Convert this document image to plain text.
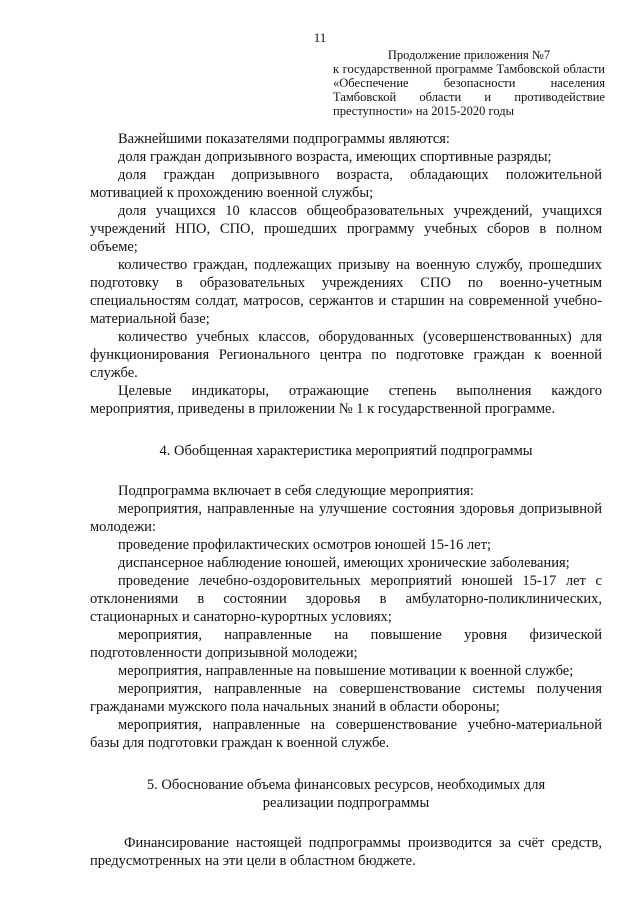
11
Продолжение приложения №7
к государственной программе Тамбовской области «Обеспечение безопасности населения Тамбовской области и противодействие преступности» на 2015-2020 годы

Важнейшими показателями подпрограммы являются:

доля граждан допризывного возраста, имеющих спортивные разряды;

доля граждан допризывного возраста, обладающих положительной мотивацией к прохождению военной службы;

доля учащихся 10 классов общеобразовательных учреждений, учащихся учреждений НПО, СПО, прошедших программу учебных сборов в полном объеме;

количество граждан, подлежащих призыву на военную службу, прошедших подготовку в образовательных учреждениях СПО по военно-учетным специальностям солдат, матросов, сержантов и старшин на современной учебно-материальной базе;

количество учебных классов, оборудованных (усовершенствованных) для функционирования Регионального центра по подготовке граждан к военной службе.

Целевые индикаторы, отражающие степень выполнения каждого мероприятия, приведены в приложении № 1 к государственной программе.

4. Обобщенная характеристика мероприятий подпрограммы

Подпрограмма включает в себя следующие мероприятия:

мероприятия, направленные на улучшение состояния здоровья допризывной молодежи:

проведение профилактических осмотров юношей 15-16 лет;

диспансерное наблюдение юношей, имеющих хронические заболевания;

проведение лечебно-оздоровительных мероприятий юношей 15-17 лет с отклонениями в состоянии здоровья в амбулаторно-поликлинических, стационарных и санаторно-курортных условиях;

мероприятия, направленные на повышение уровня физической подготовленности допризывной молодежи;

мероприятия, направленные на повышение мотивации к военной службе;

мероприятия, направленные на совершенствование системы получения гражданами мужского пола начальных знаний в области обороны;

мероприятия, направленные на совершенствование учебно-материальной базы для подготовки граждан к военной службе.

5. Обоснование объема финансовых ресурсов, необходимых для
реализации подпрограммы

Финансирование настоящей подпрограммы производится за счёт средств, предусмотренных на эти цели в областном бюджете.
